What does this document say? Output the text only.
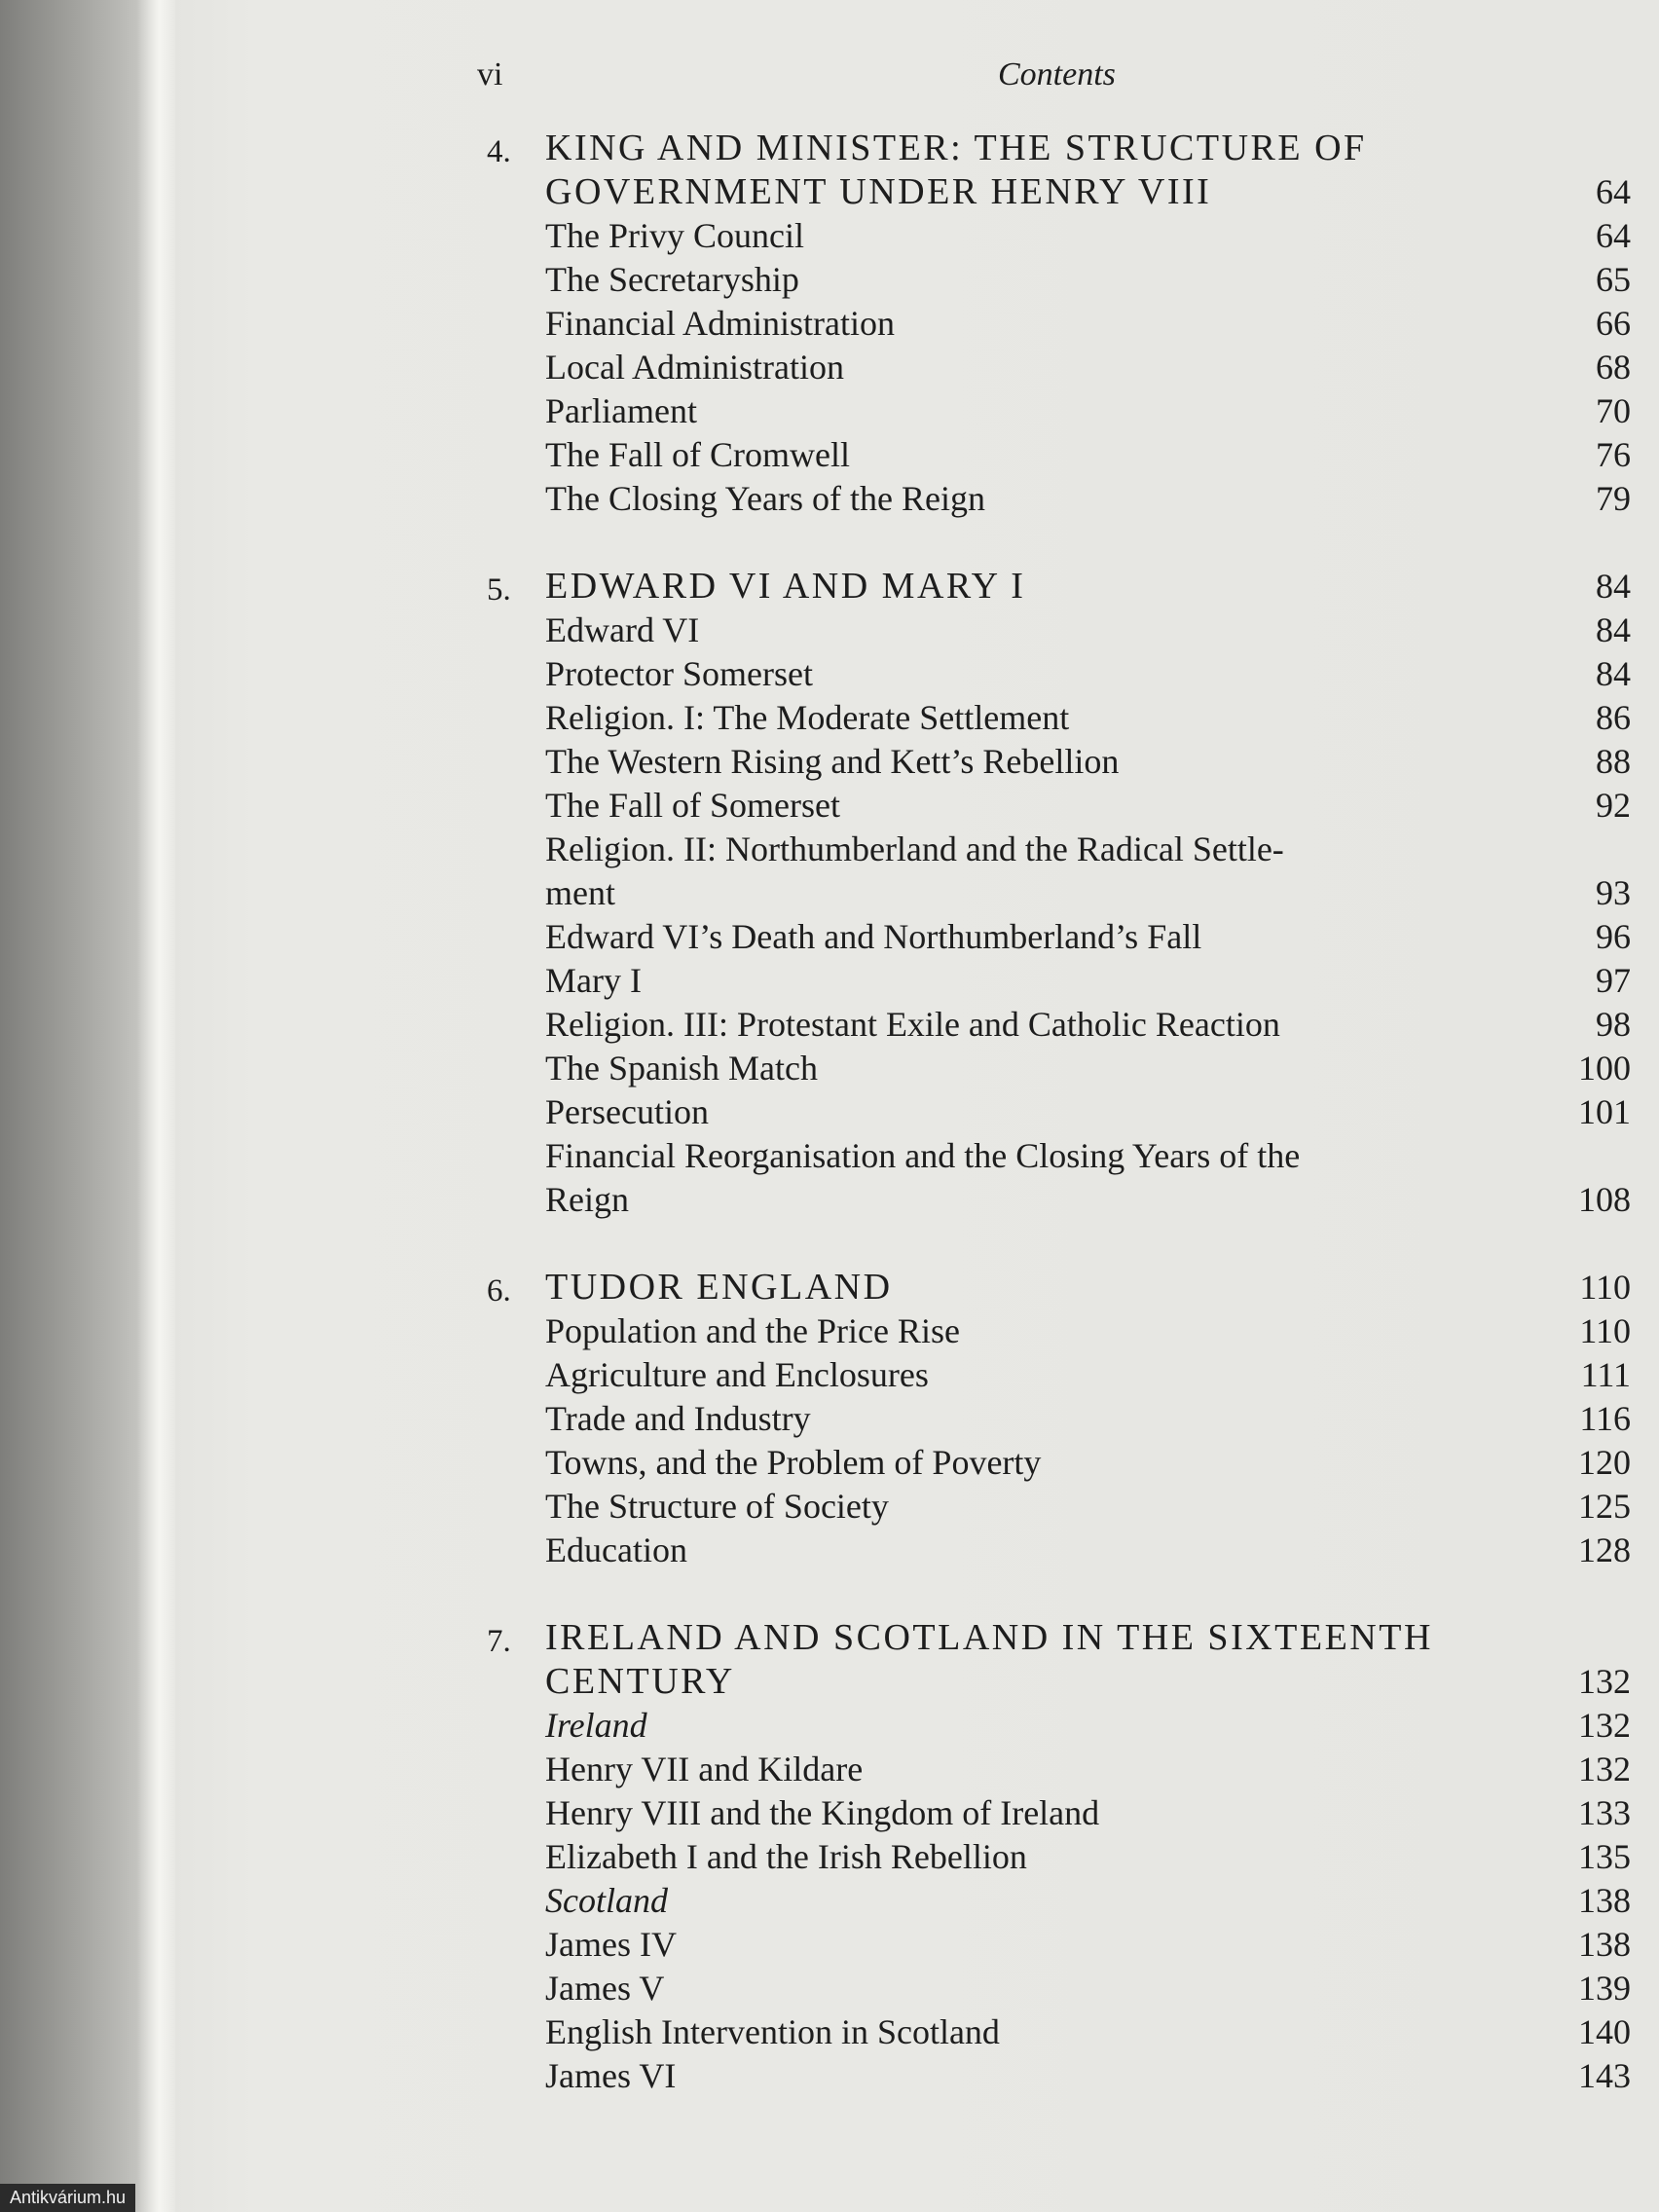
vi	Contents
4. KING AND MINISTER: THE STRUCTURE OF
GOVERNMENT UNDER HENRY VIII	64
The Privy Council	64
The Secretaryship	65
Financial Administration	66
Local Administration	68
Parliament	70
The Fall of Cromwell	76
The Closing Years of the Reign	79
5. EDWARD VI AND MARY I	84
Edward VI	84
Protector Somerset	84
Religion. I: The Moderate Settlement	86
The Western Rising and Kett’s Rebellion	88
The Fall of Somerset	92
Religion. II: Northumberland and the Radical Settle-
ment	93
Edward VI’s Death and Northumberland’s Fall	96
Mary I	97
Religion. III: Protestant Exile and Catholic Reaction	98
The Spanish Match	100
Persecution	101
Financial Reorganisation and the Closing Years of the
Reign	108
6. TUDOR ENGLAND	110
Population and the Price Rise	110
Agriculture and Enclosures	111
Trade and Industry	116
Towns, and the Problem of Poverty	120
The Structure of Society	125
Education	128
7. IRELAND AND SCOTLAND IN THE SIXTEENTH
CENTURY	132
Ireland	132
Henry VII and Kildare	132
Henry VIII and the Kingdom of Ireland	133
Elizabeth I and the Irish Rebellion	135
Scotland	138
James IV	138
James V	139
English Intervention in Scotland	140
James VI	143
Antikvárium.hu
